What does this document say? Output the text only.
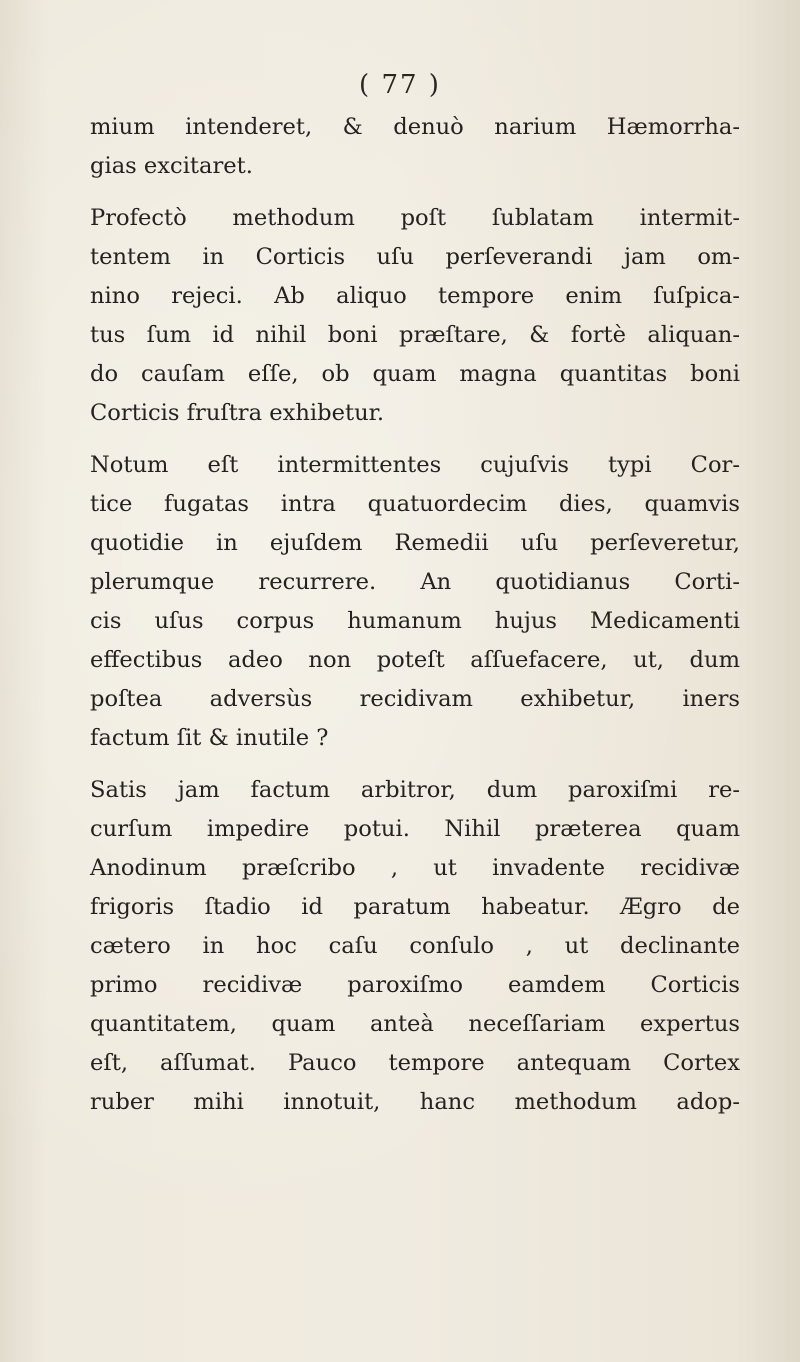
( 77 )

mium intenderet, & denuò narium Hæmorrha-
gias excitaret.

Profectò methodum poſt ſublatam intermit-
tentem in Corticis uſu perſeverandi jam om-
nino rejeci. Ab aliquo tempore enim ſuſpica-
tus ſum id nihil boni præſtare, & fortè aliquan-
do cauſam eſſe, ob quam magna quantitas boni
Corticis fruſtra exhibetur.

Notum eſt intermittentes cujuſvis typi Cor-
tice fugatas intra quatuordecim dies, quamvis
quotidie in ejuſdem Remedii uſu perſeveretur,
plerumque recurrere. An quotidianus Corti-
cis uſus corpus humanum hujus Medicamenti
effectibus adeo non poteſt aſſuefacere, ut, dum
poſtea adversùs recidivam exhibetur, iners
factum ſit & inutile ?

Satis jam factum arbitror, dum paroxiſmi re-
curſum impedire potui. Nihil præterea quam
Anodinum præſcribo , ut invadente recidivæ
frigoris ſtadio id paratum habeatur. Ægro de
cætero in hoc caſu conſulo , ut declinante
primo recidivæ paroxiſmo eamdem Corticis
quantitatem, quam anteà neceſſariam expertus
eſt, aſſumat. Pauco tempore antequam Cortex
ruber mihi innotuit, hanc methodum adop-
